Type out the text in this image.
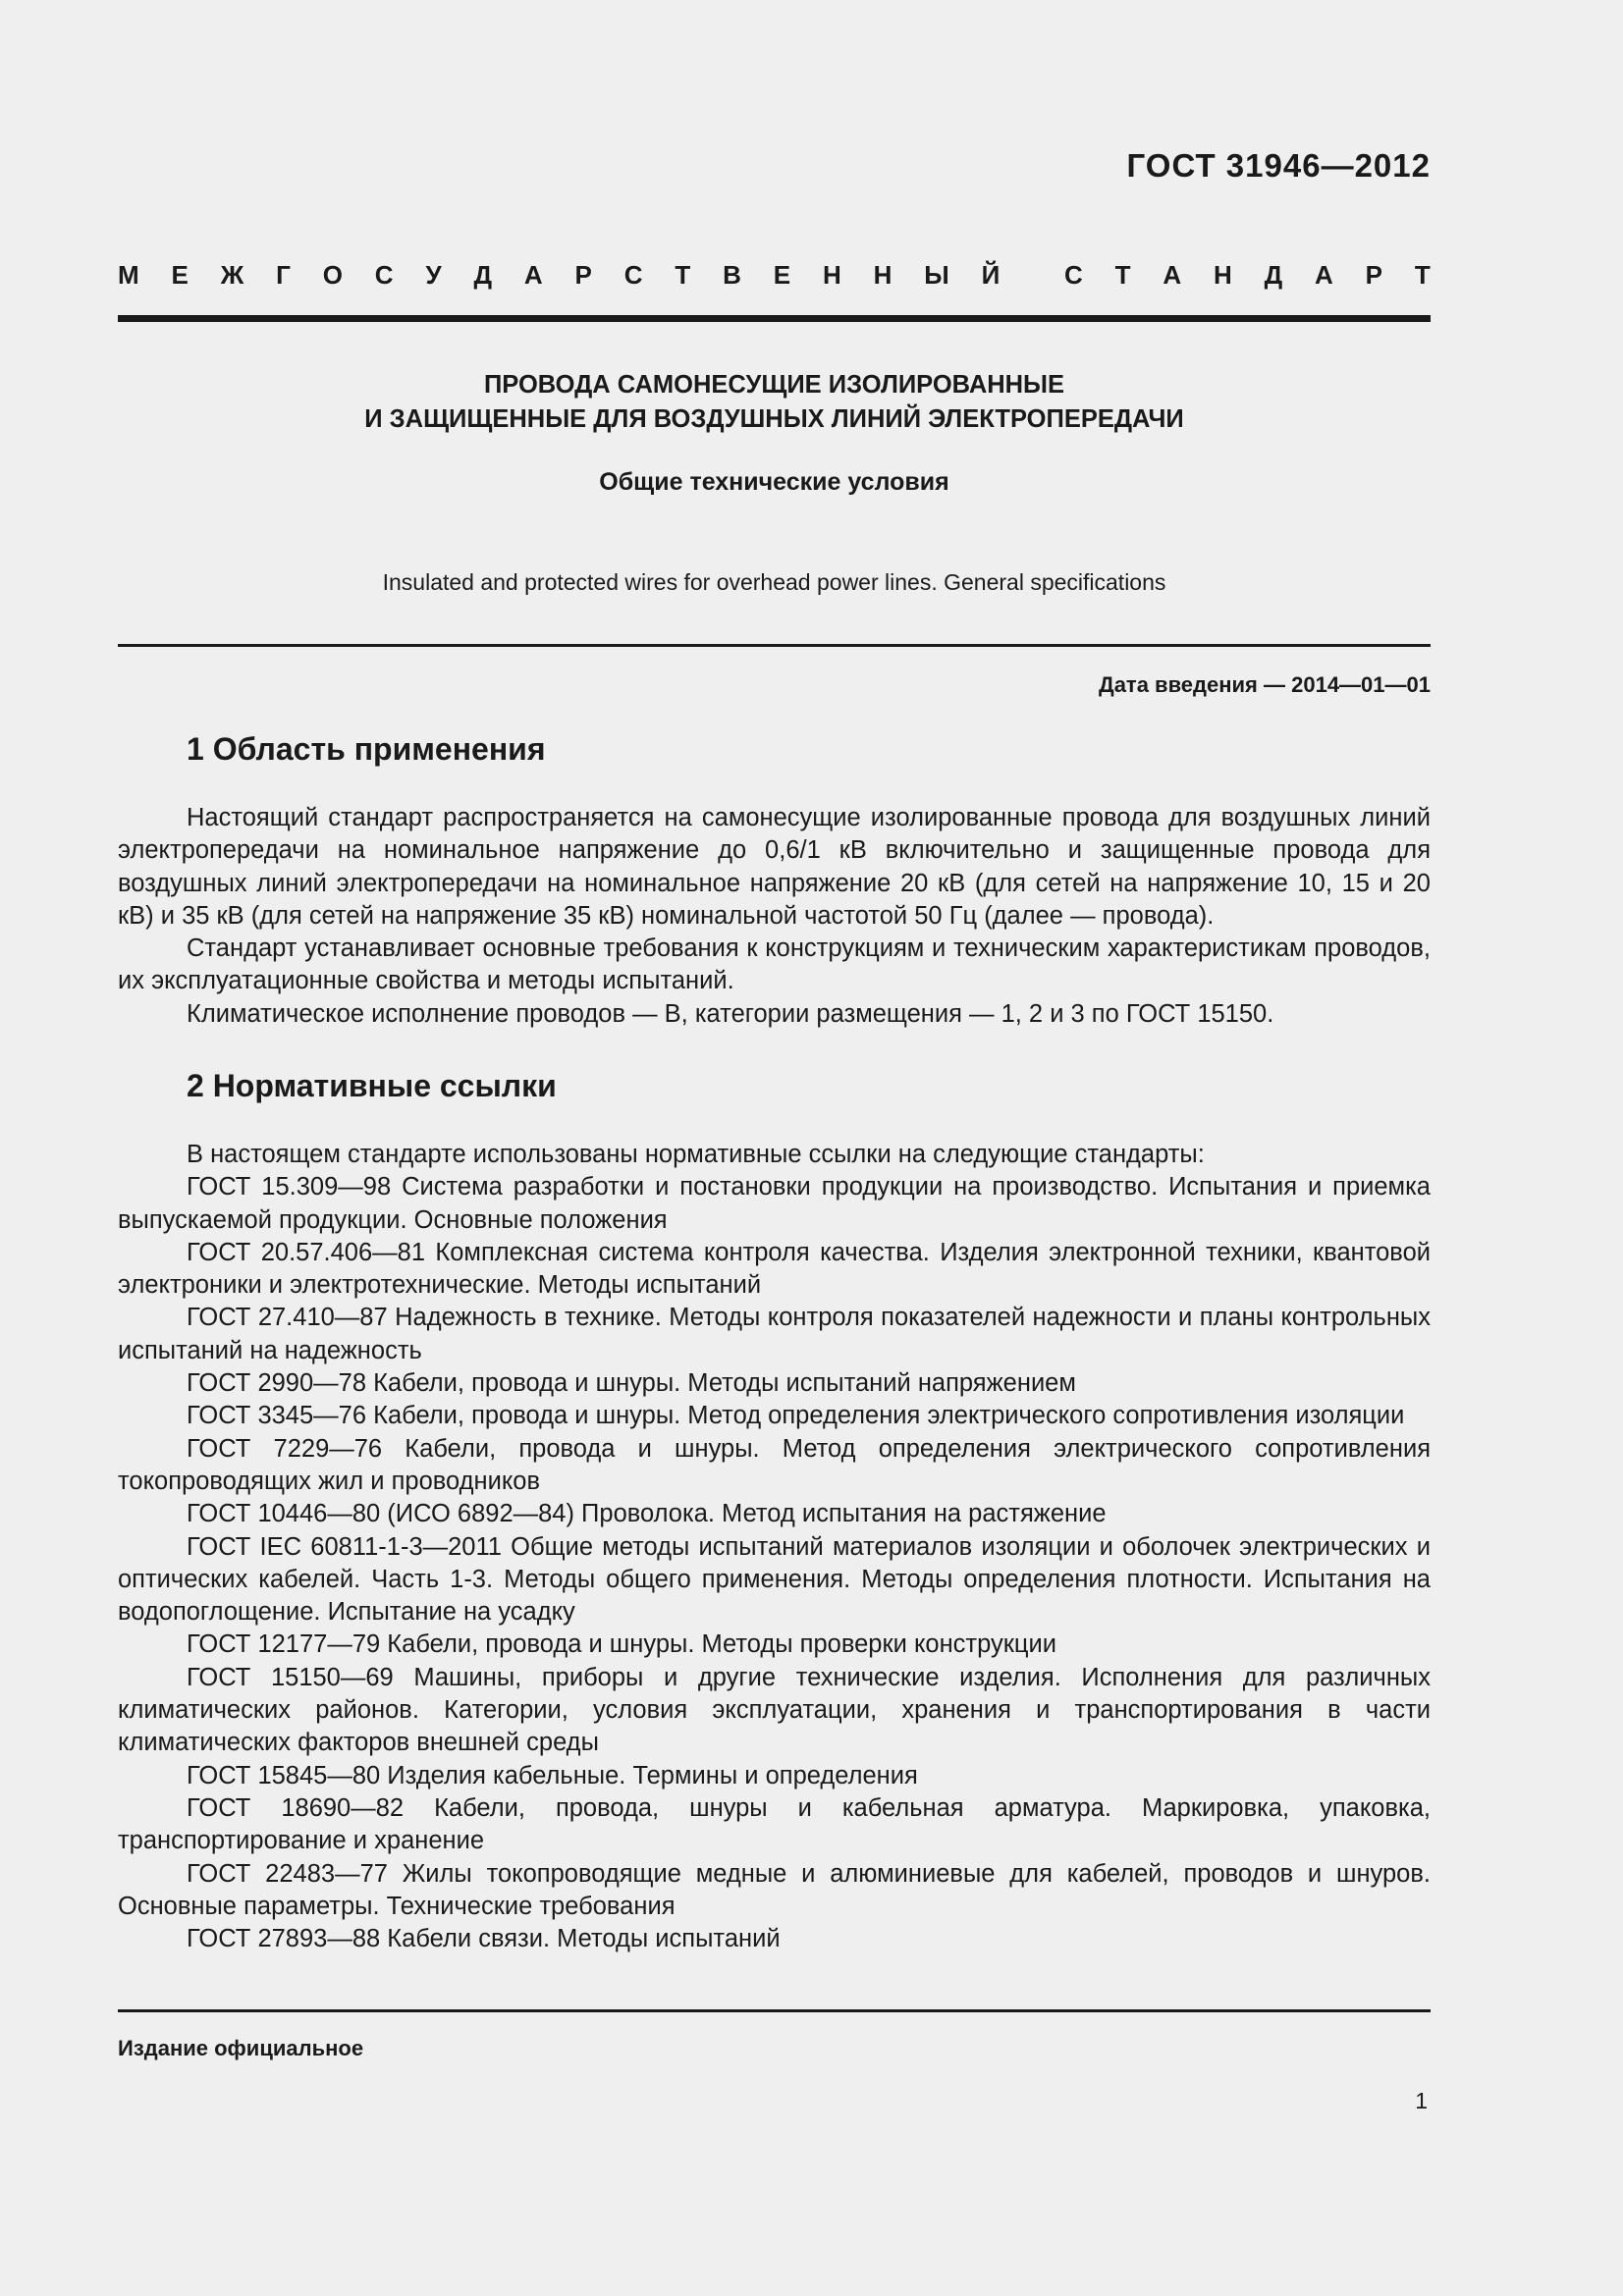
ГОСТ 31946—2012
М Е Ж Г О С У Д А Р С Т В Е Н Н Ы Й	С Т А Н Д А Р Т
ПРОВОДА САМОНЕСУЩИЕ ИЗОЛИРОВАННЫЕ
И ЗАЩИЩЕННЫЕ ДЛЯ ВОЗДУШНЫХ ЛИНИЙ ЭЛЕКТРОПЕРЕДАЧИ
Общие технические условия
Insulated and protected wires for overhead power lines. General specifications
Дата введения — 2014—01—01
1 Область применения

Настоящий стандарт распространяется на самонесущие изолированные провода для воздушных линий электропередачи на номинальное напряжение до 0,6/1 кВ включительно и защищенные провода для воздушных линий электропередачи на номинальное напряжение 20 кВ (для сетей на напряжение 10, 15 и 20 кВ) и 35 кВ (для сетей на напряжение 35 кВ) номинальной частотой 50 Гц (далее — провода).

Стандарт устанавливает основные требования к конструкциям и техническим характеристикам проводов, их эксплуатационные свойства и методы испытаний.

Климатическое исполнение проводов — В, категории размещения — 1, 2 и 3 по ГОСТ 15150.

2 Нормативные ссылки

В настоящем стандарте использованы нормативные ссылки на следующие стандарты:

ГОСТ 15.309—98 Система разработки и постановки продукции на производство. Испытания и приемка выпускаемой продукции. Основные положения

ГОСТ 20.57.406—81 Комплексная система контроля качества. Изделия электронной техники, квантовой электроники и электротехнические. Методы испытаний

ГОСТ 27.410—87 Надежность в технике. Методы контроля показателей надежности и планы контрольных испытаний на надежность

ГОСТ 2990—78 Кабели, провода и шнуры. Методы испытаний напряжением

ГОСТ 3345—76 Кабели, провода и шнуры. Метод определения электрического сопротивления изоляции

ГОСТ 7229—76 Кабели, провода и шнуры. Метод определения электрического сопротивления токопроводящих жил и проводников

ГОСТ 10446—80 (ИСО 6892—84) Проволока. Метод испытания на растяжение

ГОСТ IEC 60811-1-3—2011 Общие методы испытаний материалов изоляции и оболочек электрических и оптических кабелей. Часть 1-3. Методы общего применения. Методы определения плотности. Испытания на водопоглощение. Испытание на усадку

ГОСТ 12177—79 Кабели, провода и шнуры. Методы проверки конструкции

ГОСТ 15150—69 Машины, приборы и другие технические изделия. Исполнения для различных климатических районов. Категории, условия эксплуатации, хранения и транспортирования в части климатических факторов внешней среды

ГОСТ 15845—80 Изделия кабельные. Термины и определения

ГОСТ 18690—82 Кабели, провода, шнуры и кабельная арматура. Маркировка, упаковка, транспортирование и хранение

ГОСТ 22483—77 Жилы токопроводящие медные и алюминиевые для кабелей, проводов и шнуров. Основные параметры. Технические требования

ГОСТ 27893—88 Кабели связи. Методы испытаний

Издание официальное
1
